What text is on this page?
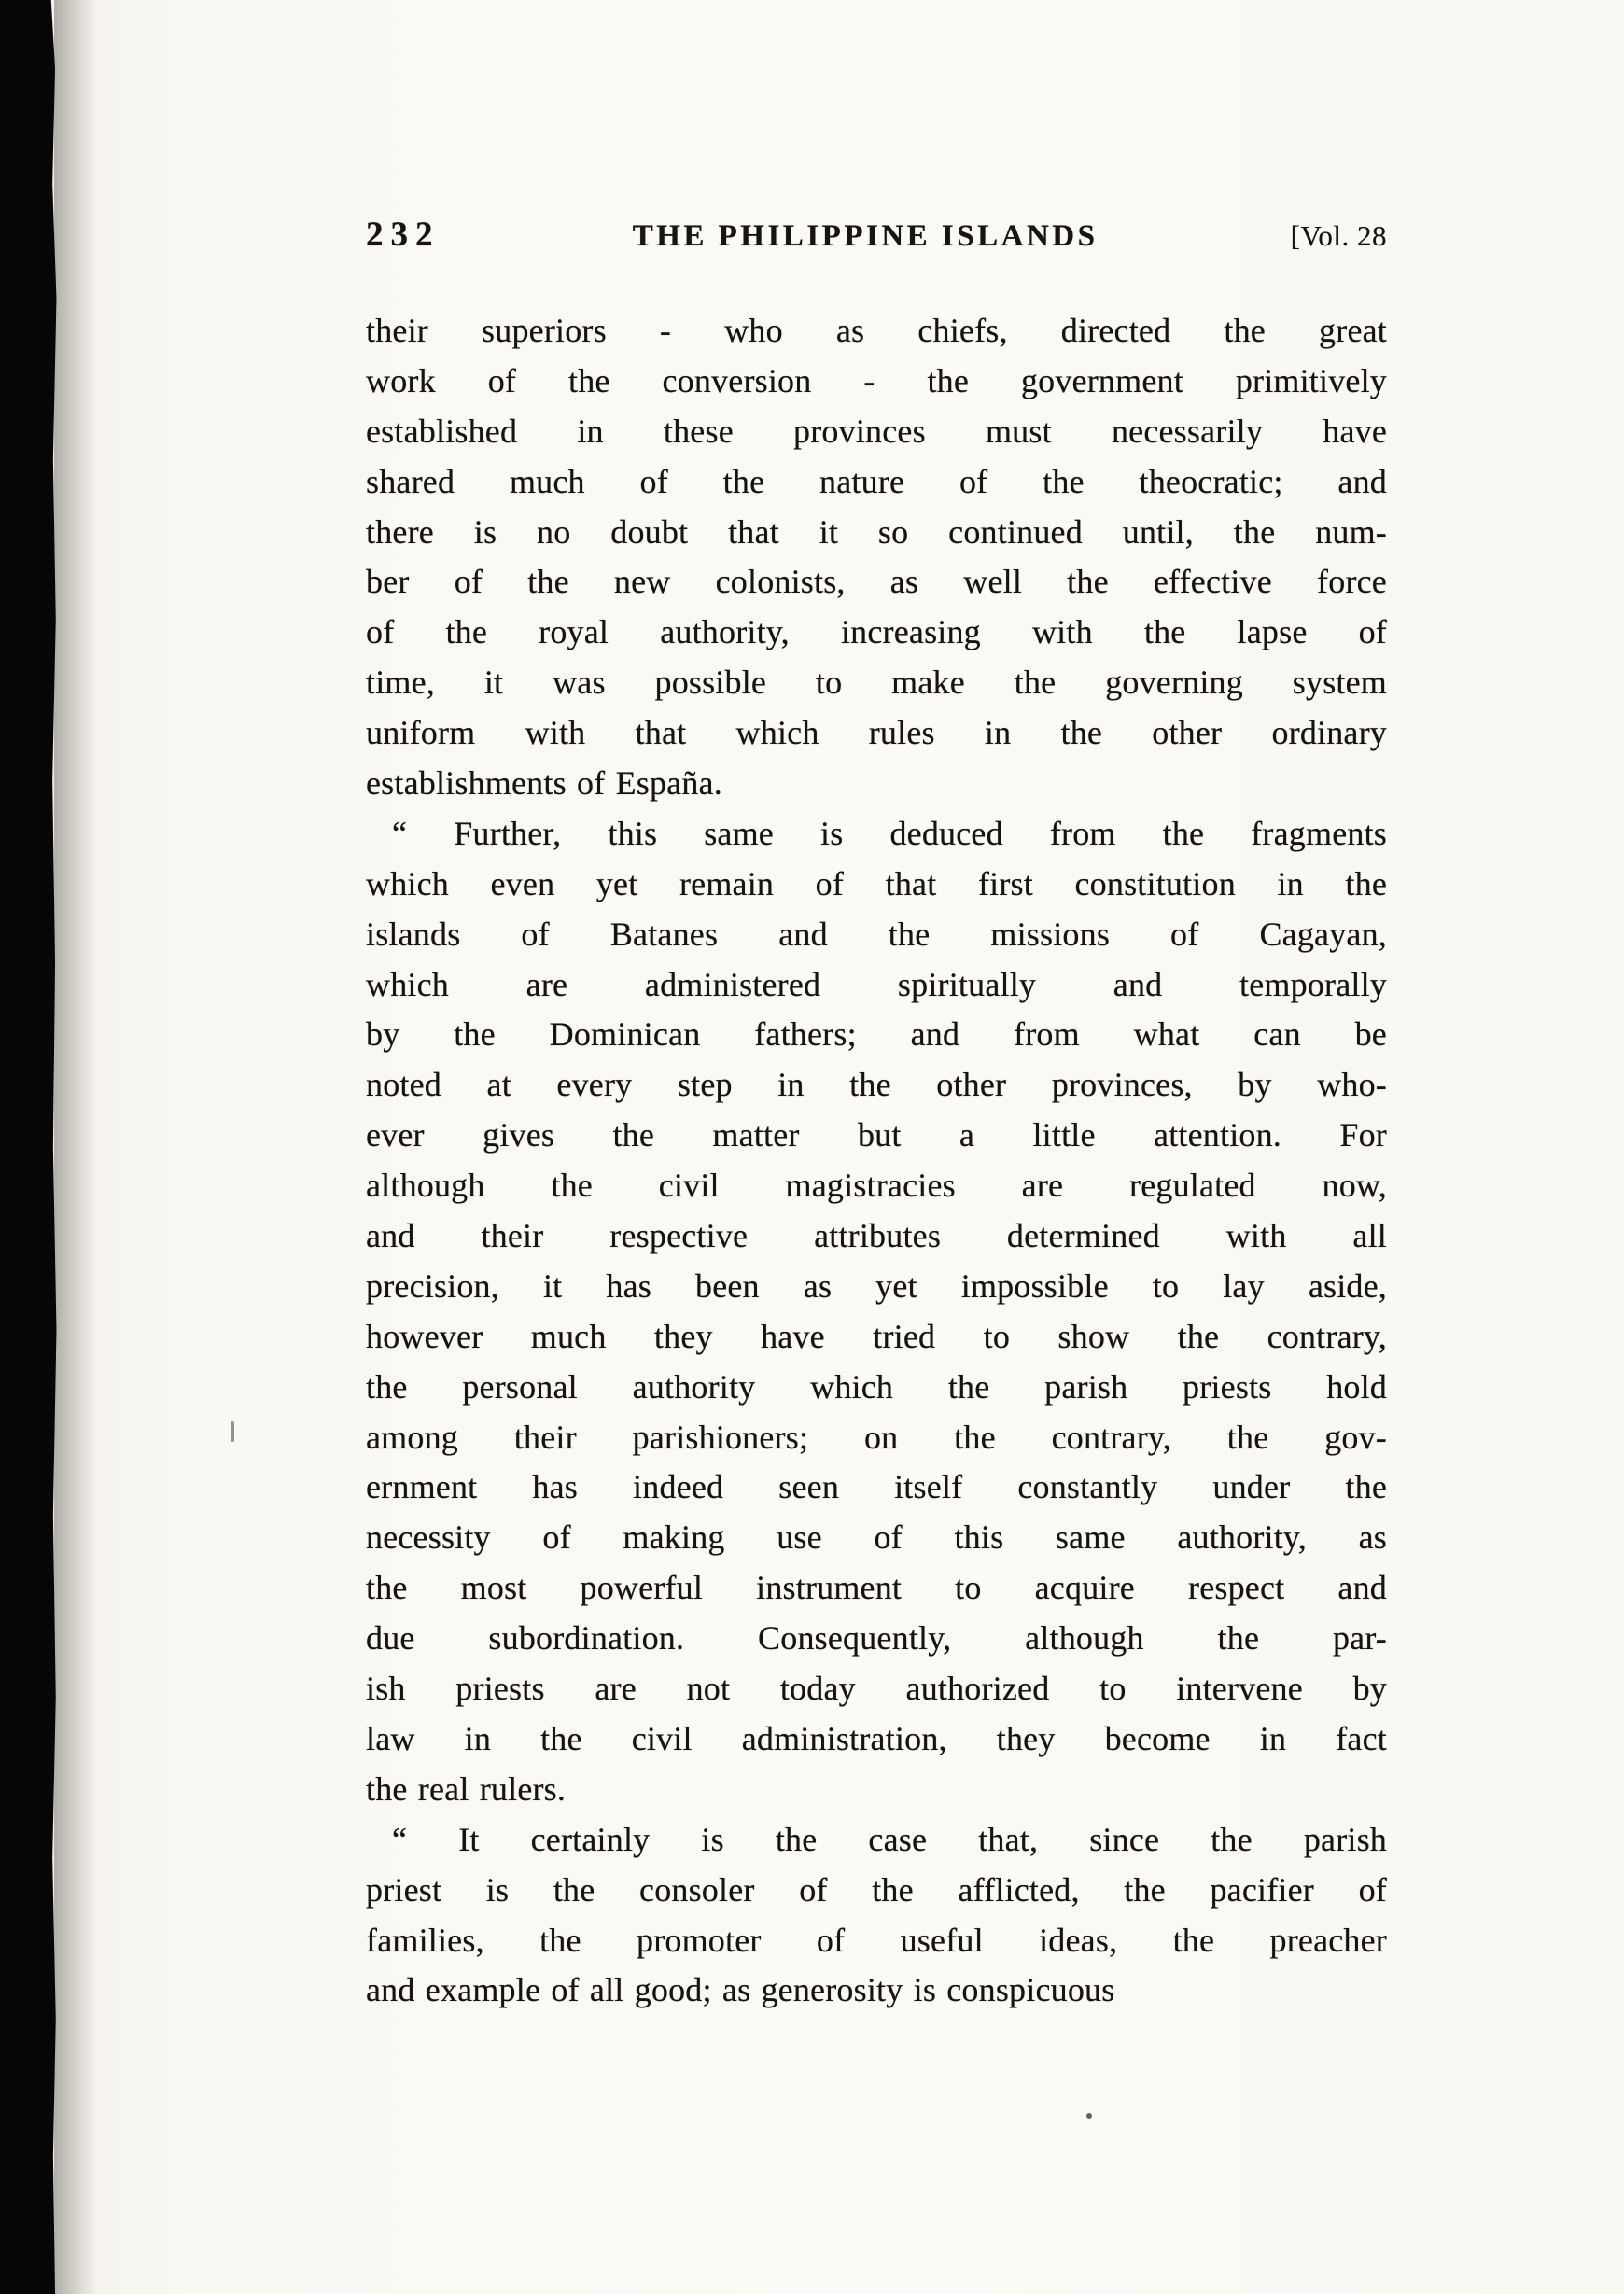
232	THE PHILIPPINE ISLANDS	[Vol. 28
their superiors - who as chiefs, directed the great
work of the conversion - the government primitively
established in these provinces must necessarily have
shared much of the nature of the theocratic; and
there is no doubt that it so continued until, the num-
ber of the new colonists, as well the effective force
of the royal authority, increasing with the lapse of
time, it was possible to make the governing system
uniform with that which rules in the other ordinary
establishments of España.
“ Further, this same is deduced from the fragments
which even yet remain of that first constitution in the
islands of Batanes and the missions of Cagayan,
which are administered spiritually and temporally
by the Dominican fathers; and from what can be
noted at every step in the other provinces, by who-
ever gives the matter but a little attention. For
although the civil magistracies are regulated now,
and their respective attributes determined with all
precision, it has been as yet impossible to lay aside,
however much they have tried to show the contrary,
the personal authority which the parish priests hold
among their parishioners; on the contrary, the gov-
ernment has indeed seen itself constantly under the
necessity of making use of this same authority, as
the most powerful instrument to acquire respect and
due subordination. Consequently, although the par-
ish priests are not today authorized to intervene by
law in the civil administration, they become in fact
the real rulers.
“ It certainly is the case that, since the parish
priest is the consoler of the afflicted, the pacifier of
families, the promoter of useful ideas, the preacher
and example of all good; as generosity is conspicuous
